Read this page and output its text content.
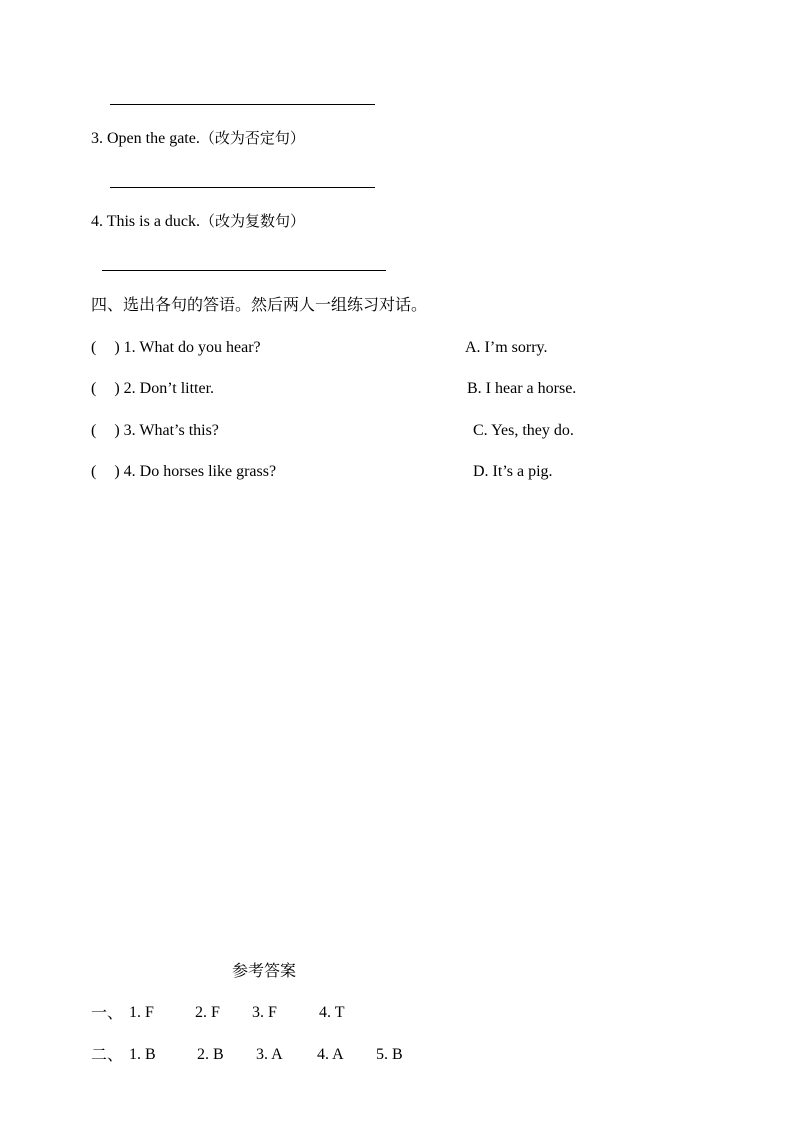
3. Open the gate.（改为否定句）
4. This is a duck.（改为复数句）
四、选出各句的答语。然后两人一组练习对话。
( ) 1. What do you hear?	A. I’m sorry.
( ) 2. Don’t litter.	B. I hear a horse.
( ) 3. What’s this?	C. Yes, they do.
( ) 4. Do horses like grass?	D. It’s a pig.
参考答案
一、 1. F	2. F 3. F	4. T
二、 1. B	2. B 3. A 4. A 5. B
